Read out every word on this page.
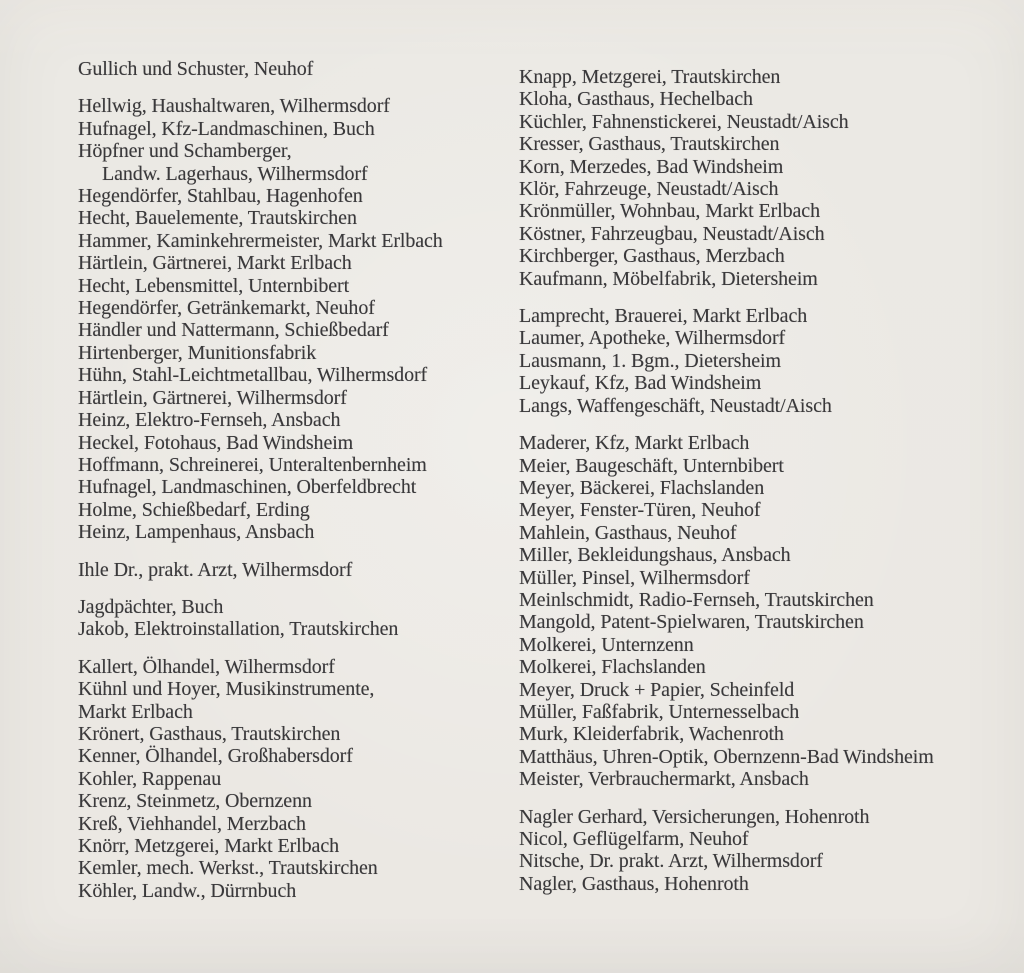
Gullich und Schuster, Neuhof
Hellwig, Haushaltwaren, Wilhermsdorf
Hufnagel, Kfz-Landmaschinen, Buch
Höpfner und Schamberger,
Landw. Lagerhaus, Wilhermsdorf
Hegendörfer, Stahlbau, Hagenhofen
Hecht, Bauelemente, Trautskirchen
Hammer, Kaminkehrermeister, Markt Erlbach
Härtlein, Gärtnerei, Markt Erlbach
Hecht, Lebensmittel, Unternbibert
Hegendörfer, Getränkemarkt, Neuhof
Händler und Nattermann, Schießbedarf
Hirtenberger, Munitionsfabrik
Hühn, Stahl-Leichtmetallbau, Wilhermsdorf
Härtlein, Gärtnerei, Wilhermsdorf
Heinz, Elektro-Fernseh, Ansbach
Heckel, Fotohaus, Bad Windsheim
Hoffmann, Schreinerei, Unteraltenbernheim
Hufnagel, Landmaschinen, Oberfeldbrecht
Holme, Schießbedarf, Erding
Heinz, Lampenhaus, Ansbach
Ihle Dr., prakt. Arzt, Wilhermsdorf
Jagdpächter, Buch
Jakob, Elektroinstallation, Trautskirchen
Kallert, Ölhandel, Wilhermsdorf
Kühnl und Hoyer, Musikinstrumente,
Markt Erlbach
Krönert, Gasthaus, Trautskirchen
Kenner, Ölhandel, Großhabersdorf
Kohler, Rappenau
Krenz, Steinmetz, Obernzenn
Kreß, Viehhandel, Merzbach
Knörr, Metzgerei, Markt Erlbach
Kemler, mech. Werkst., Trautskirchen
Köhler, Landw., Dürrnbuch
Knapp, Metzgerei, Trautskirchen
Kloha, Gasthaus, Hechelbach
Küchler, Fahnenstickerei, Neustadt/Aisch
Kresser, Gasthaus, Trautskirchen
Korn, Merzedes, Bad Windsheim
Klör, Fahrzeuge, Neustadt/Aisch
Krönmüller, Wohnbau, Markt Erlbach
Köstner, Fahrzeugbau, Neustadt/Aisch
Kirchberger, Gasthaus, Merzbach
Kaufmann, Möbelfabrik, Dietersheim
Lamprecht, Brauerei, Markt Erlbach
Laumer, Apotheke, Wilhermsdorf
Lausmann, 1. Bgm., Dietersheim
Leykauf, Kfz, Bad Windsheim
Langs, Waffengeschäft, Neustadt/Aisch
Maderer, Kfz, Markt Erlbach
Meier, Baugeschäft, Unternbibert
Meyer, Bäckerei, Flachslanden
Meyer, Fenster-Türen, Neuhof
Mahlein, Gasthaus, Neuhof
Miller, Bekleidungshaus, Ansbach
Müller, Pinsel, Wilhermsdorf
Meinlschmidt, Radio-Fernseh, Trautskirchen
Mangold, Patent-Spielwaren, Trautskirchen
Molkerei, Unternzenn
Molkerei, Flachslanden
Meyer, Druck + Papier, Scheinfeld
Müller, Faßfabrik, Unternesselbach
Murk, Kleiderfabrik, Wachenroth
Matthäus, Uhren-Optik, Obernzenn-Bad Windsheim
Meister, Verbrauchermarkt, Ansbach
Nagler Gerhard, Versicherungen, Hohenroth
Nicol, Geflügelfarm, Neuhof
Nitsche, Dr. prakt. Arzt, Wilhermsdorf
Nagler, Gasthaus, Hohenroth
